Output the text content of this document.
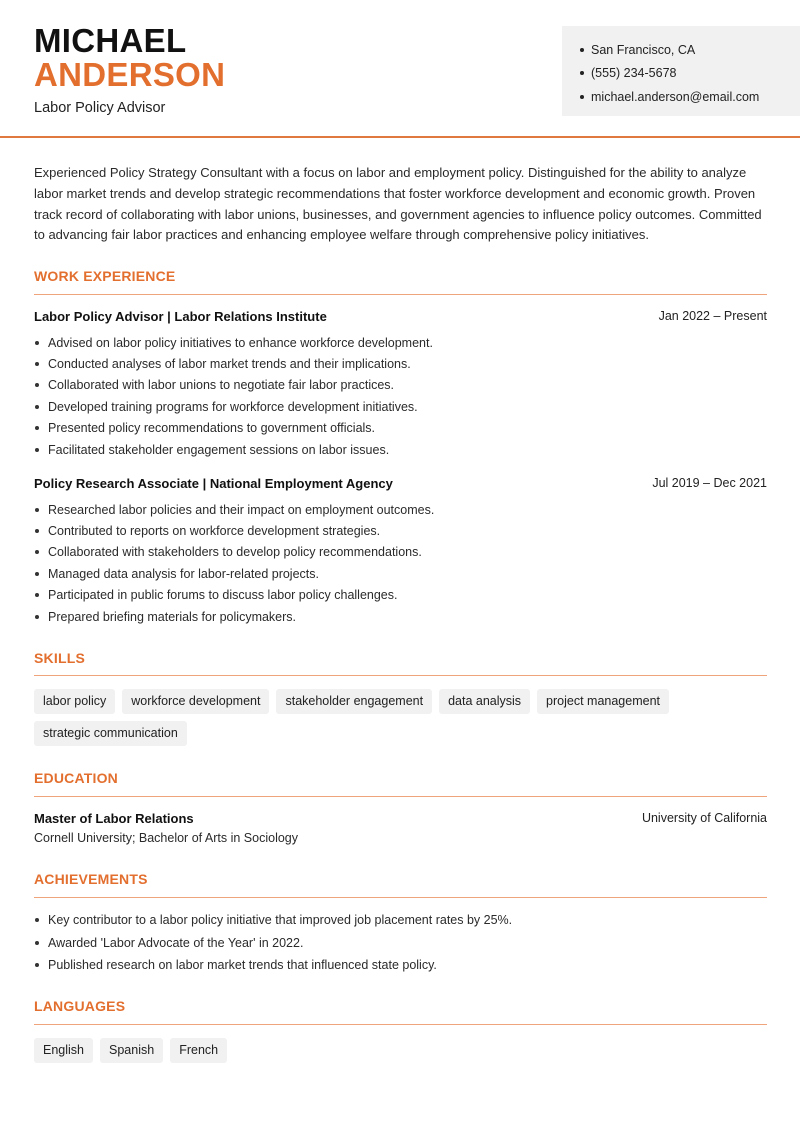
MICHAEL
ANDERSON
Labor Policy Advisor
San Francisco, CA
(555) 234-5678
michael.anderson@email.com

Experienced Policy Strategy Consultant with a focus on labor and employment policy. Distinguished for the ability to analyze labor market trends and develop strategic recommendations that foster workforce development and economic growth. Proven track record of collaborating with labor unions, businesses, and government agencies to influence policy outcomes. Committed to advancing fair labor practices and enhancing employee welfare through comprehensive policy initiatives.

WORK EXPERIENCE
Labor Policy Advisor | Labor Relations Institute	Jan 2022 – Present
Advised on labor policy initiatives to enhance workforce development.
Conducted analyses of labor market trends and their implications.
Collaborated with labor unions to negotiate fair labor practices.
Developed training programs for workforce development initiatives.
Presented policy recommendations to government officials.
Facilitated stakeholder engagement sessions on labor issues.
Policy Research Associate | National Employment Agency	Jul 2019 – Dec 2021
Researched labor policies and their impact on employment outcomes.
Contributed to reports on workforce development strategies.
Collaborated with stakeholders to develop policy recommendations.
Managed data analysis for labor-related projects.
Participated in public forums to discuss labor policy challenges.
Prepared briefing materials for policymakers.
SKILLS
labor policy	workforce development	stakeholder engagement	data analysis	project management
strategic communication
EDUCATION
Master of Labor Relations	University of California
Cornell University; Bachelor of Arts in Sociology
ACHIEVEMENTS
Key contributor to a labor policy initiative that improved job placement rates by 25%.
Awarded 'Labor Advocate of the Year' in 2022.
Published research on labor market trends that influenced state policy.
LANGUAGES
English	Spanish	French
